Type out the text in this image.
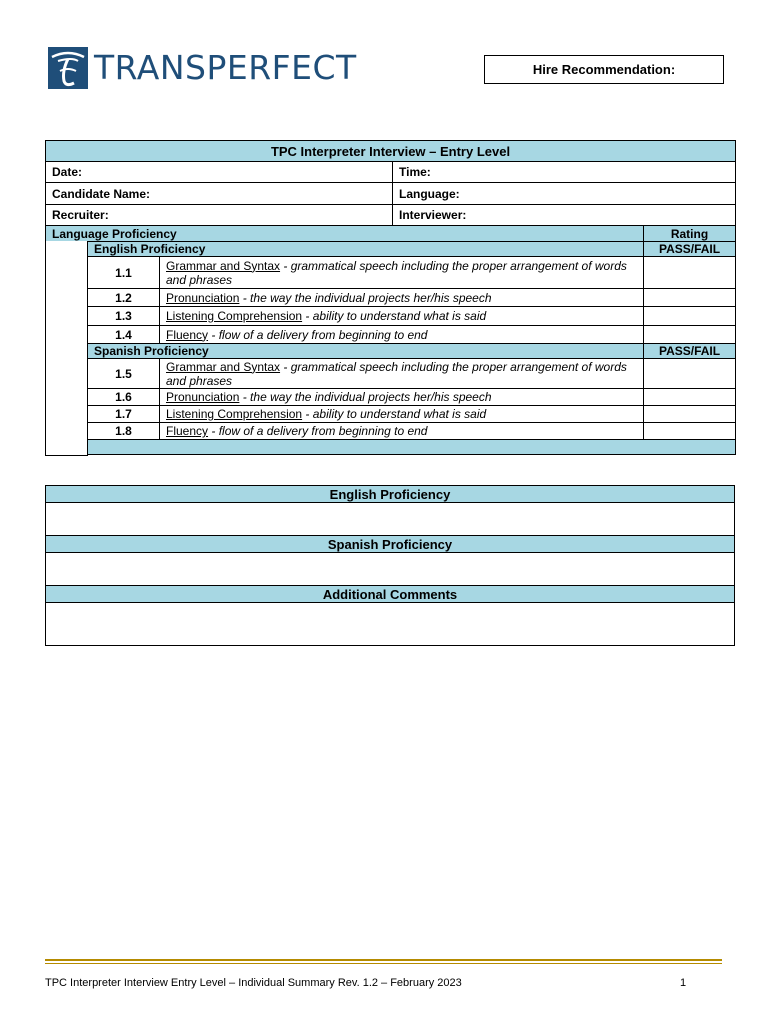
TRANSPERFECT	Hire Recommendation:
TPC Interpreter Interview – Entry Level				
Date:			Time:	
Candidate Name:			Language:	
Recruiter:			Interviewer:	
Language Proficiency				Rating
	English Proficiency			PASS/FAIL
	1.1	Grammar and Syntax - grammatical speech including the proper arrangement of words and phrases		
	1.2	Pronunciation - the way the individual projects her/his speech		
	1.3	Listening Comprehension - ability to understand what is said		
	1.4	Fluency - flow of a delivery from beginning to end		
	Spanish Proficiency			PASS/FAIL
	1.5	Grammar and Syntax - grammatical speech including the proper arrangement of words and phrases		
	1.6	Pronunciation - the way the individual projects her/his speech		
	1.7	Listening Comprehension - ability to understand what is said		
	1.8	Fluency - flow of a delivery from beginning to end		

English Proficiency

Spanish Proficiency

Additional Comments

TPC Interpreter Interview Entry Level – Individual Summary Rev. 1.2 – February 2023	1
